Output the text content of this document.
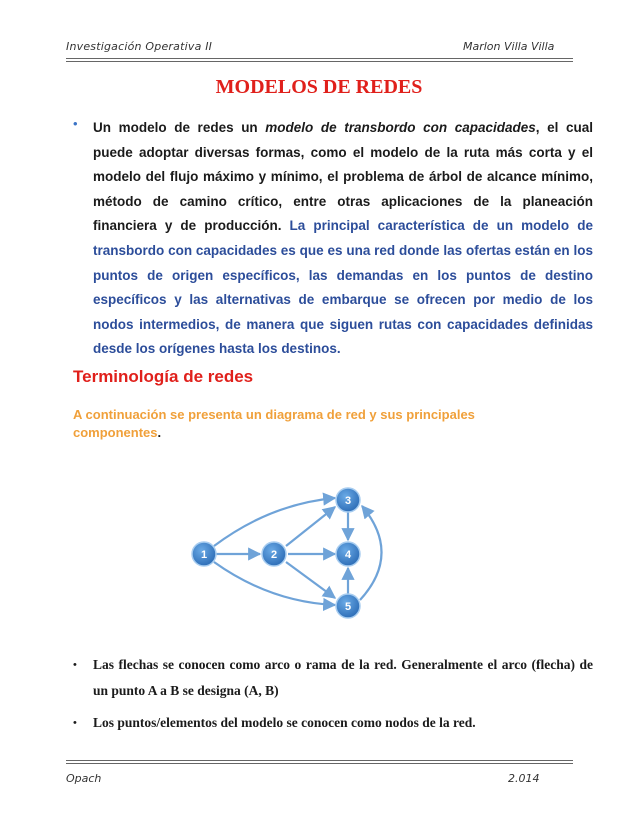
Investigación Operativa II	Marlon Villa Villa
MODELOS DE REDES
•	Un modelo de redes un modelo de transbordo con capacidades, el cual puede adoptar diversas formas, como el modelo de la ruta más corta y el modelo del flujo máximo y mínimo, el problema de árbol de alcance mínimo, método de camino crítico, entre otras aplicaciones de la planeación financiera y de producción. La principal característica de un modelo de transbordo con capacidades es que es una red donde las ofertas están en los puntos de origen específicos, las demandas en los puntos de destino específicos y las alternativas de embarque se ofrecen por medio de los nodos intermedios, de manera que siguen rutas con capacidades definidas desde los orígenes hasta los destinos.

Terminología de redes
A continuación se presenta un diagrama de red y sus principales componentes.
1	2
3
4
5
• Las flechas se conocen como arco o rama de la red. Generalmente el arco (flecha) de un punto A a B se designa (A, B)
• Los puntos/elementos del modelo se conocen como nodos de la red.
Opach	2.014
